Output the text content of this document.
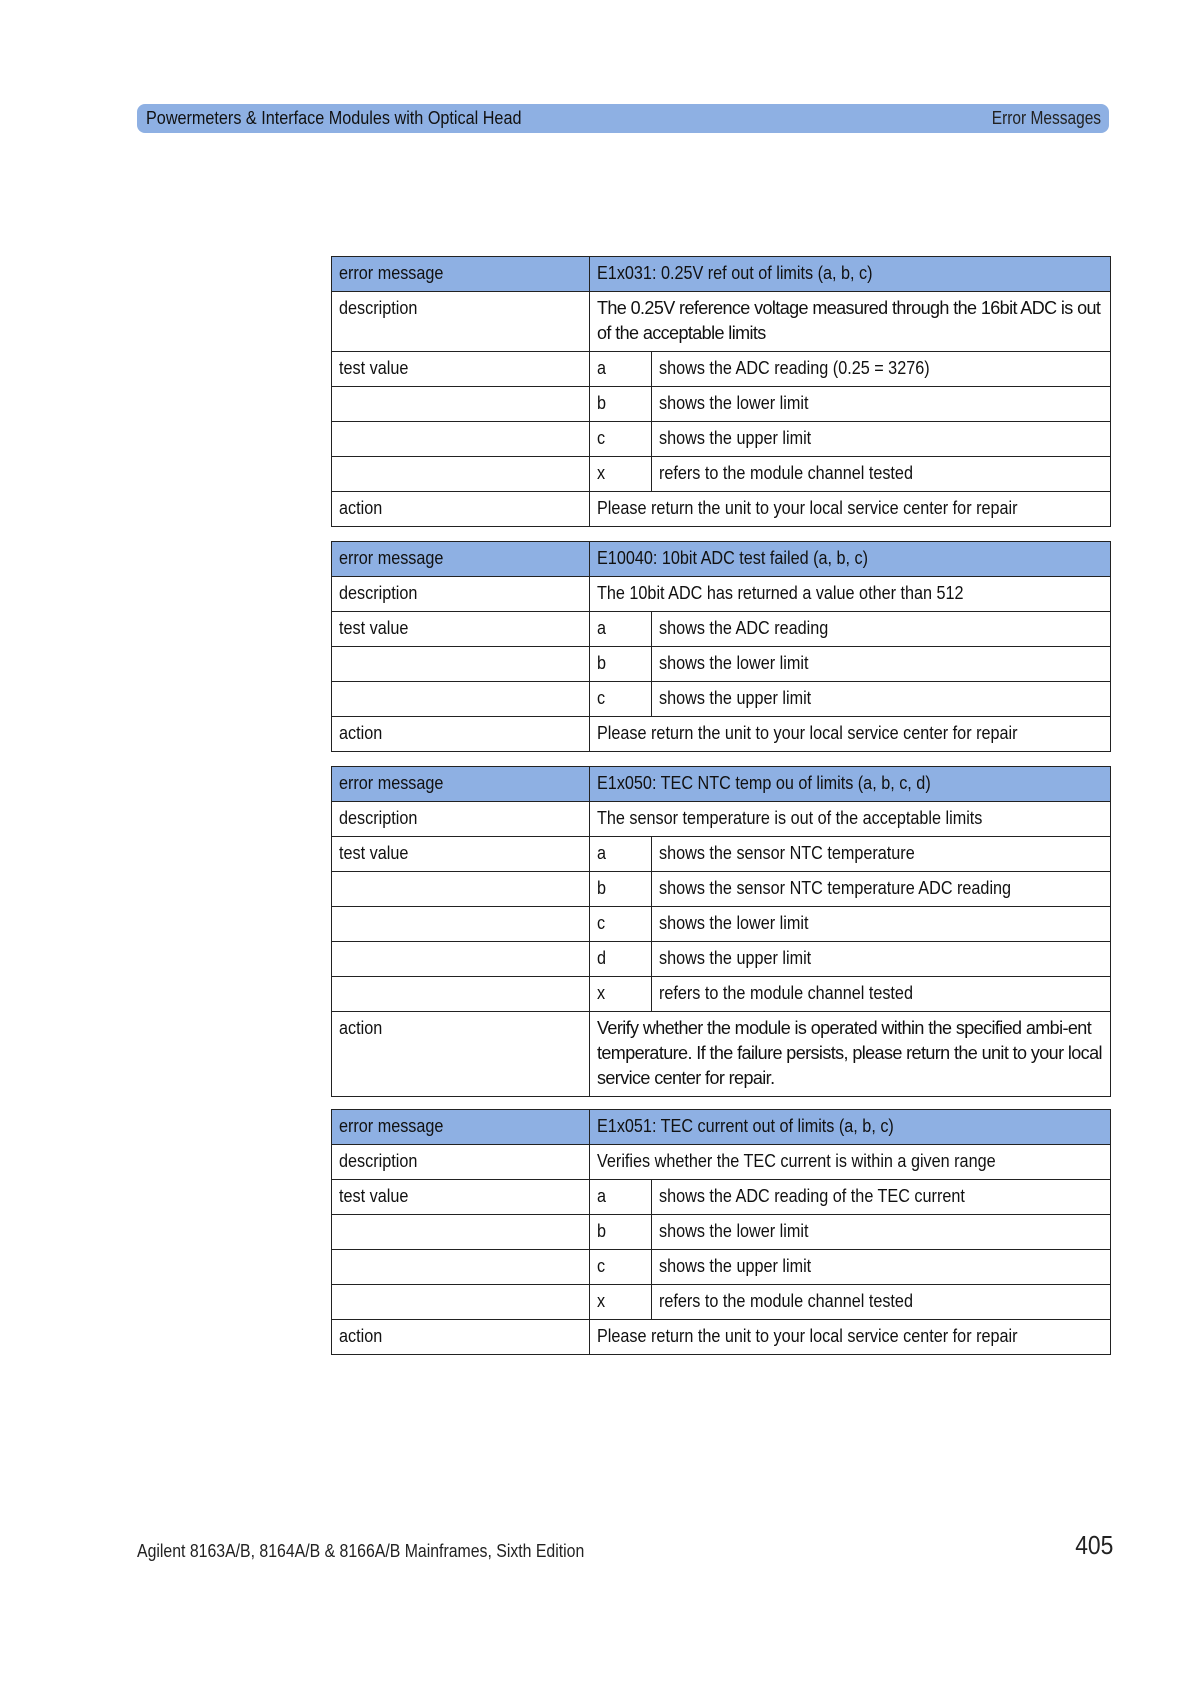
Powermeters & Interface Modules with Optical Head	Error Messages
error message	E1x031: 0.25V ref out of limits (a, b, c)	
description	The 0.25V reference voltage measured through the 16bit ADC is out of the acceptable limits	
test value	a	shows the ADC reading (0.25 = 3276)
	b	shows the lower limit
	c	shows the upper limit
	x	refers to the module channel tested
action	Please return the unit to your local service center for repair	
error message	E10040: 10bit ADC test failed (a, b, c)	
description	The 10bit ADC has returned a value other than 512	
test value	a	shows the ADC reading
	b	shows the lower limit
	c	shows the upper limit
action	Please return the unit to your local service center for repair	
error message	E1x050: TEC NTC temp ou of limits (a, b, c, d)	
description	The sensor temperature is out of the acceptable limits	
test value	a	shows the sensor NTC temperature
	b	shows the sensor NTC temperature ADC reading
	c	shows the lower limit
	d	shows the upper limit
	x	refers to the module channel tested
action	Verify whether the module is operated within the specified ambi-ent temperature. If the failure persists, please return the unit to your local service center for repair.	
error message	E1x051: TEC current out of limits (a, b, c)	
description	Verifies whether the TEC current is within a given range	
test value	a	shows the ADC reading of the TEC current
	b	shows the lower limit
	c	shows the upper limit
	x	refers to the module channel tested
action	Please return the unit to your local service center for repair	
Agilent 8163A/B, 8164A/B & 8166A/B Mainframes, Sixth Edition	405
